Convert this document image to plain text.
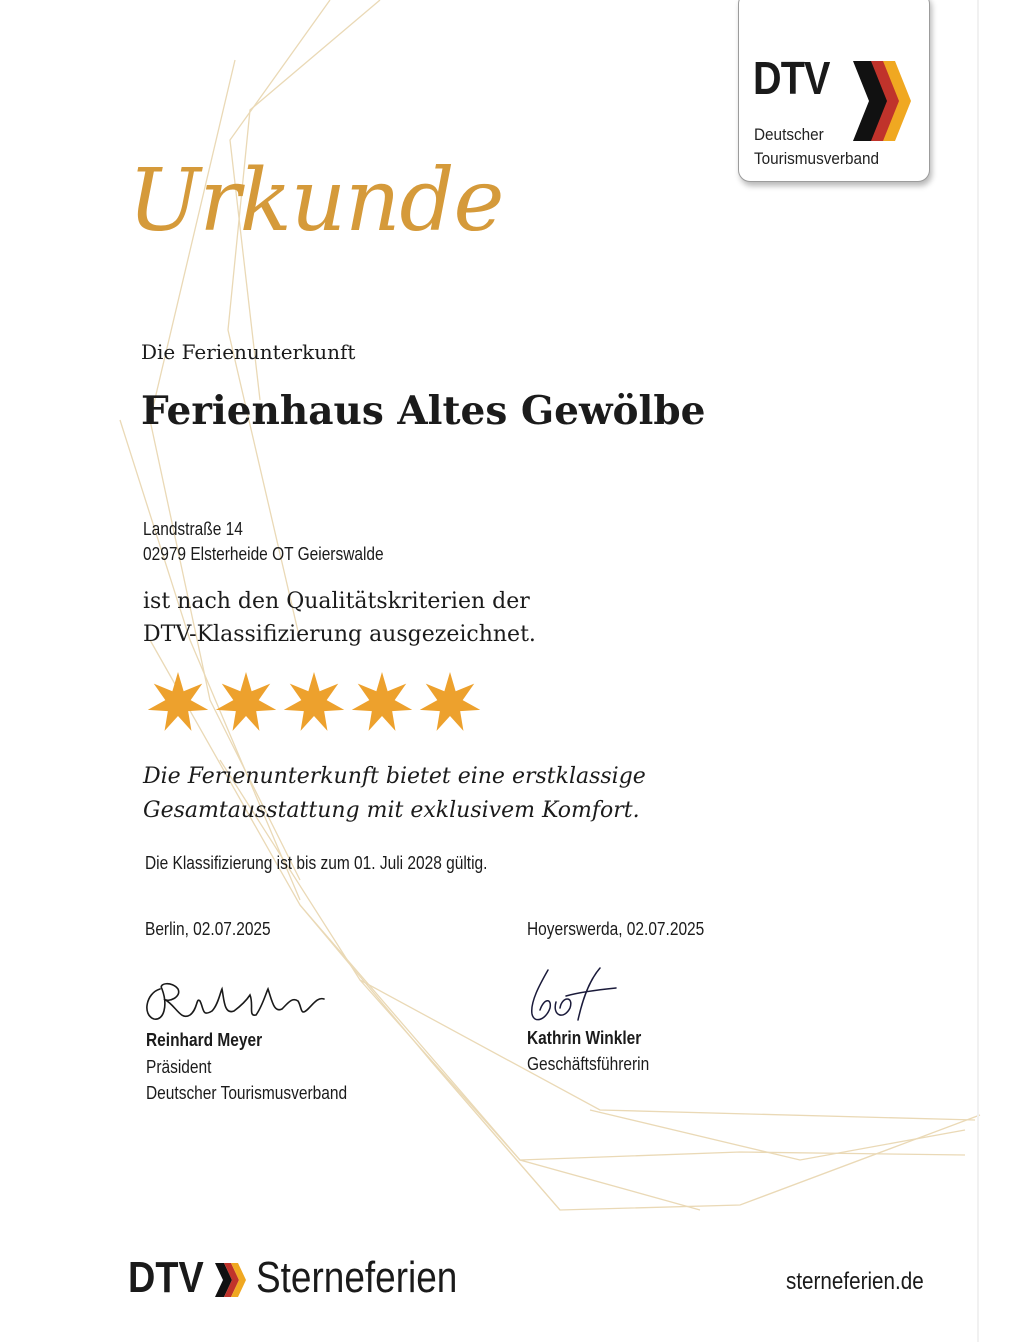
DTV
Deutscher
Tourismusverband
Urkunde
Die Ferienunterkunft
Ferienhaus Altes Gewölbe
Landstraße 14
02979 Elsterheide OT Geierswalde
ist nach den Qualitätskriterien der
DTV-Klassifizierung ausgezeichnet.
Die Ferienunterkunft bietet eine erstklassige
Gesamtausstattung mit exklusivem Komfort.
Die Klassifizierung ist bis zum 01. Juli 2028 gültig.
Berlin, 02.07.2025	Hoyerswerda, 02.07.2025
Reinhard Meyer
Präsident
Deutscher Tourismusverband
Kathrin Winkler
Geschäftsführerin
DTV Sterneferien	sterneferien.de
